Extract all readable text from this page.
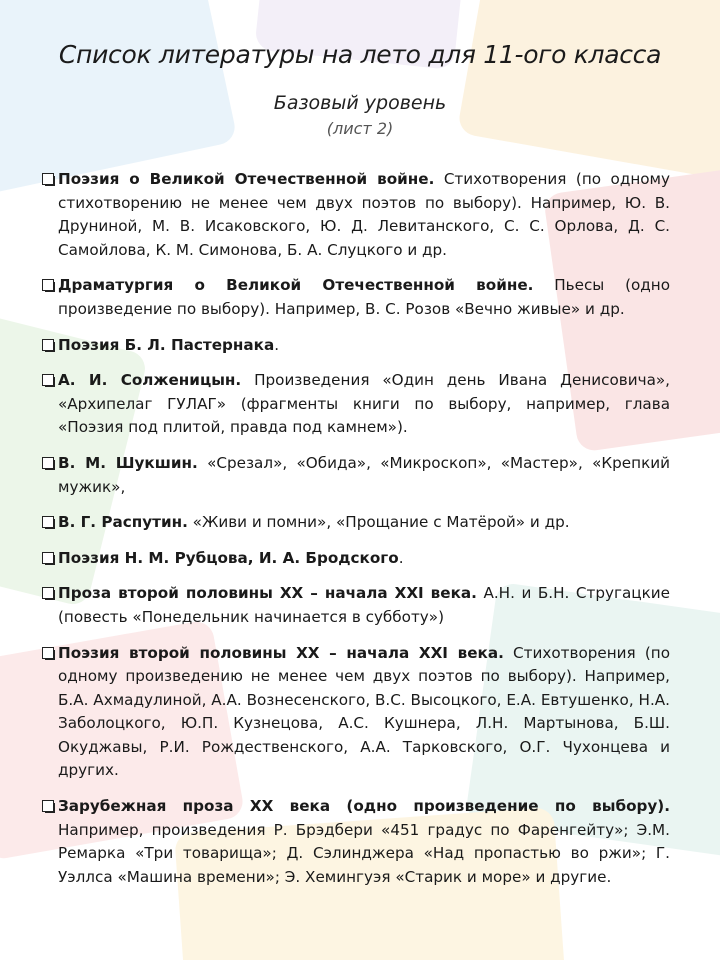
Список литературы на лето для 11-ого класса
Базовый уровень
(лист 2)
Поэзия о Великой Отечественной войне. Стихотворения (по одному стихотворению не менее чем двух поэтов по выбору). Например, Ю. В. Друниной, М. В. Исаковского, Ю. Д. Левитанского, С. С. Орлова, Д. С. Самойлова, К. М. Симонова, Б. А. Слуцкого и др.
Драматургия о Великой Отечественной войне. Пьесы (одно произведение по выбору). Например, В. С. Розов «Вечно живые» и др.
Поэзия Б. Л. Пастернака.
А. И. Солженицын. Произведения «Один день Ивана Денисовича», «Архипелаг ГУЛАГ» (фрагменты книги по выбору, например, глава «Поэзия под плитой, правда под камнем»).
В. М. Шукшин. «Срезал», «Обида», «Микроскоп», «Мастер», «Крепкий мужик»,
В. Г. Распутин. «Живи и помни», «Прощание с Матёрой» и др.
Поэзия Н. М. Рубцова, И. А. Бродского.
Проза второй половины XX – начала XXI века. А.Н. и Б.Н. Стругацкие (повесть «Понедельник начинается в субботу»)
Поэзия второй половины XX – начала XXI века. Стихотворения (по одному произведению не менее чем двух поэтов по выбору). Например, Б.А. Ахмадулиной, А.А. Вознесенского, В.С. Высоцкого, Е.А. Евтушенко, Н.А. Заболоцкого, Ю.П. Кузнецова, А.С. Кушнера, Л.Н. Мартынова, Б.Ш. Окуджавы, Р.И. Рождественского, А.А. Тарковского, О.Г. Чухонцева и других.
Зарубежная проза XX века (одно произведение по выбору). Например, произведения Р. Брэдбери «451 градус по Фаренгейту»; Э.М. Ремарка «Три товарища»; Д. Сэлинджера «Над пропастью во ржи»; Г. Уэллса «Машина времени»; Э. Хемингуэя «Старик и море» и другие.
